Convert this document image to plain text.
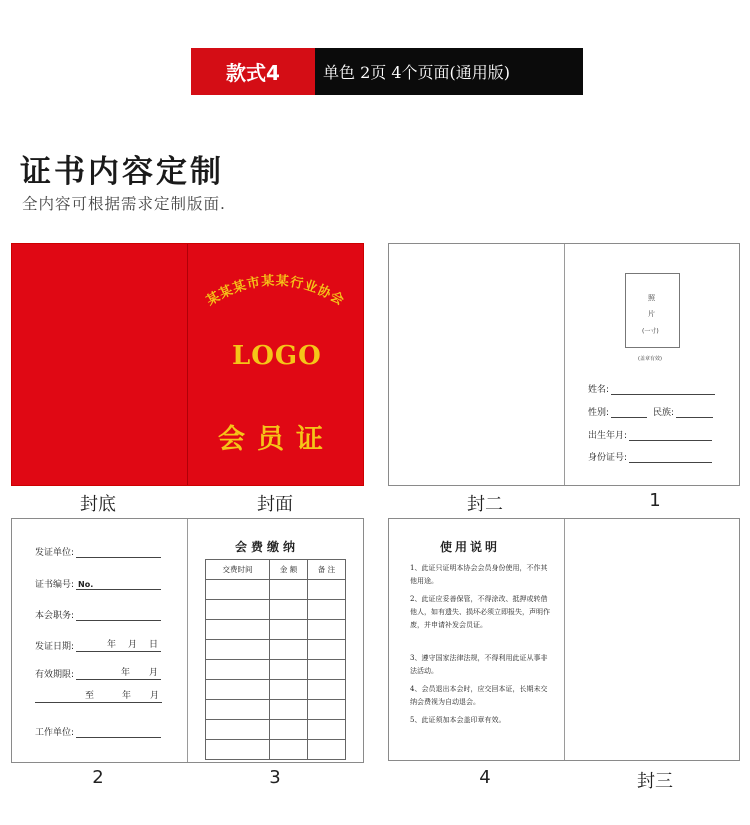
款式4	单色 2页 4个页面(通用版)
证书内容定制
全内容可根据需求定制版面.
某某某市某某行业协会
LOGO
会员证
封底	封面
照
片
(一寸)
(盖章有效)
姓名:
性别:	民族:
出生年月:
身份证号:
封二	1
发证单位:
证书编号: No.
本会职务:
发证日期:	年 月 日
有效期限:	年 月
至	年 月
工作单位:
会费缴纳
交费时间	金 额	备 注

2	3
使用说明
1、此证只证明本协会会员身份使用，不作其他用途。
2、此证应妥善保管，不得涂改、抵押或转借他人，如有遗失、损坏必须立即报失，声明作废，并申请补发会员证。
3、遵守国家法律法规，不得利用此证从事非法活动。
4、会员退出本会时，应交回本证，长期未交纳会费视为自动退会。
5、此证须加本会盖印章有效。
4	封三
